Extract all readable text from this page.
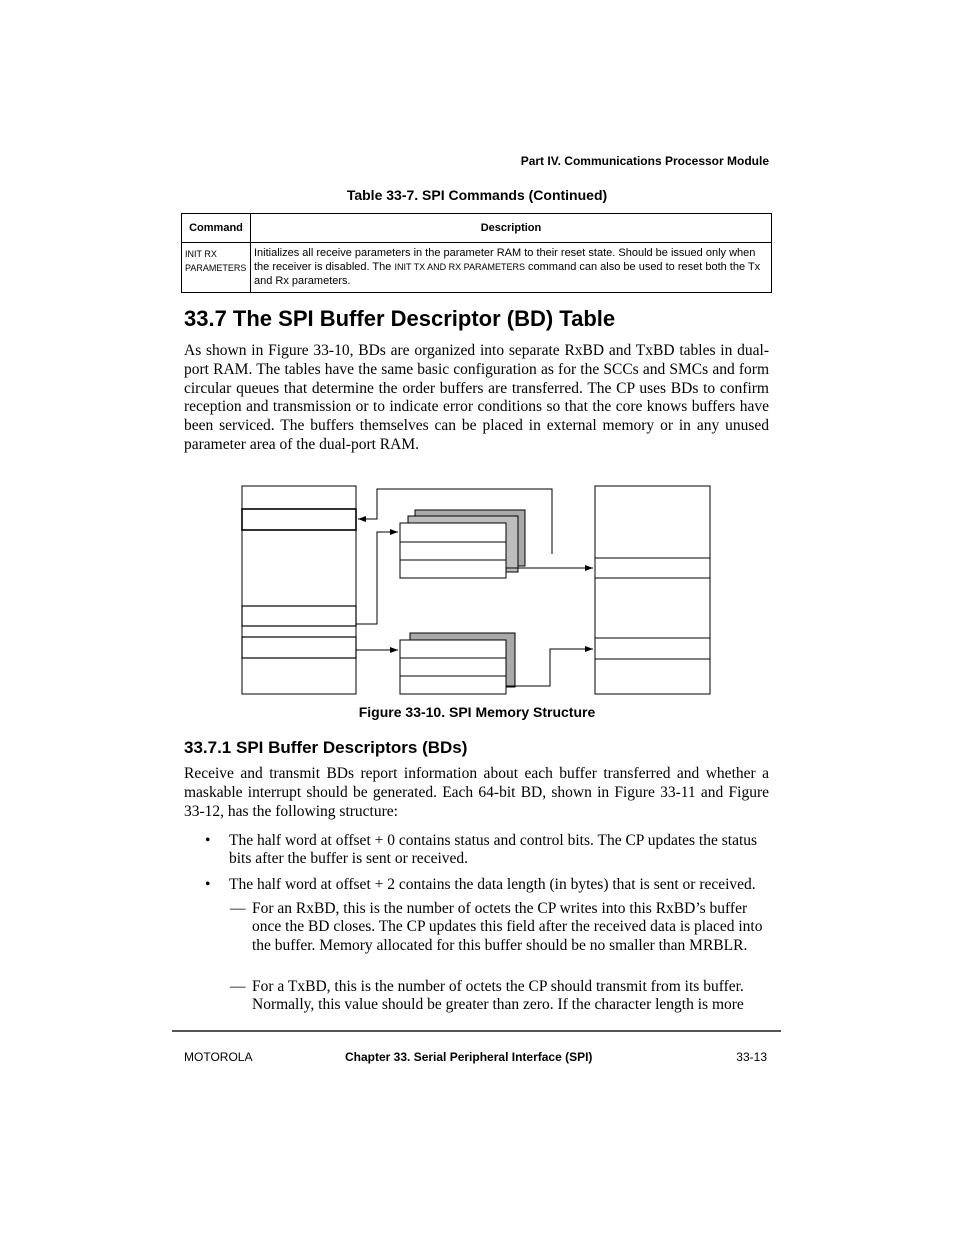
Part IV. Communications Processor Module
Table 33-7. SPI Commands (Continued)
Command	Description
INIT RX
PARAMETERS	Initializes all receive parameters in the parameter RAM to their reset state. Should be issued only when the receiver is disabled. The INIT TX AND RX PARAMETERS command can also be used to reset both the Tx and Rx parameters.
33.7 The SPI Buffer Descriptor (BD) Table

As shown in Figure 33-10, BDs are organized into separate RxBD and TxBD tables in dual-port RAM. The tables have the same basic configuration as for the SCCs and SMCs and form circular queues that determine the order buffers are transferred. The CP uses BDs to confirm reception and transmission or to indicate error conditions so that the core knows buffers have been serviced. The buffers themselves can be placed in external memory or in any unused parameter area of the dual-port RAM.

Figure 33-10. SPI Memory Structure
33.7.1 SPI Buffer Descriptors (BDs)

Receive and transmit BDs report information about each buffer transferred and whether a maskable interrupt should be generated. Each 64-bit BD, shown in Figure 33-11 and Figure 33-12, has the following structure:

• The half word at offset + 0 contains status and control bits. The CP updates the status bits after the buffer is sent or received.
• The half word at offset + 2 contains the data length (in bytes) that is sent or received.
— For an RxBD, this is the number of octets the CP writes into this RxBD’s buffer once the BD closes. The CP updates this field after the received data is placed into the buffer. Memory allocated for this buffer should be no smaller than MRBLR.
— For a TxBD, this is the number of octets the CP should transmit from its buffer. Normally, this value should be greater than zero. If the character length is more
MOTOROLA	Chapter 33. Serial Peripheral Interface (SPI)	33-13
